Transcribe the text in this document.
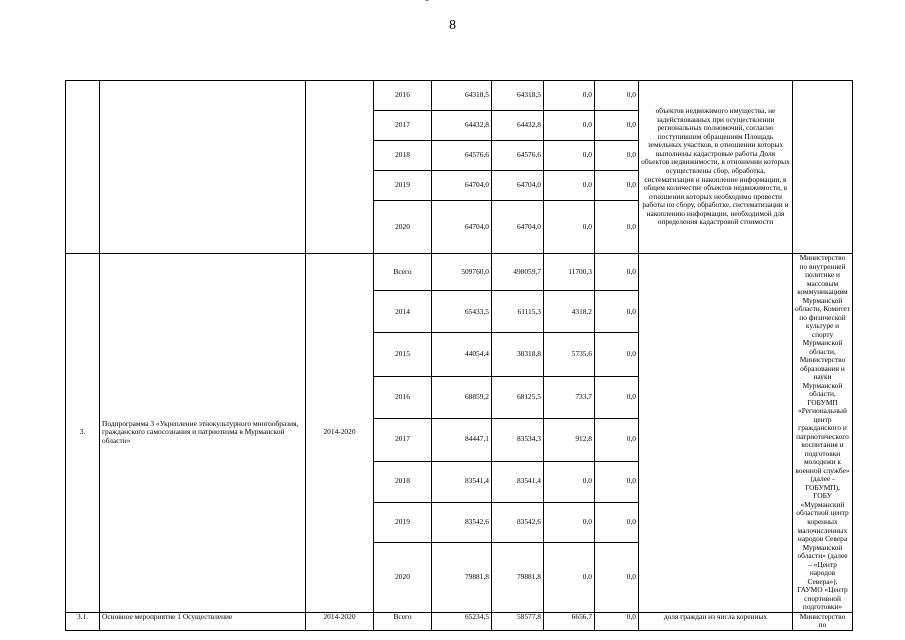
8
			2016	64318,5	64318,5	0,0	0,0	объектов недвижимого имущества, не задействованных при осуществлении региональных полномочий, согласно поступившим обращениям Площадь земельных участков, в отношении которых выполнены кадастровые работы Доля объектов недвижимости, в отношении которых осуществлены сбор, обработка, систематизация и накопление информации, в общем количестве объектов недвижимости, в отношении которых необходимо провести работы по сбору, обработке, систематизации и накоплению информации, необходимой для определения кадастровой стоимости	
			2017	64432,8	64432,8	0,0	0,0		
			2018	64576,6	64576,6	0,0	0,0		
			2019	64704,0	64704,0	0,0	0,0		
			2020	64704,0	64704,0	0,0	0,0		
3.	Подпрограмма 3 «Укрепление этнокультурного многообразия, гражданского самосознания и патриотизма в Мурманской области»	2014-2020	Всего	509760,0	498059,7	11700,3	0,0		Министерство по внутренней политике и массовым коммуникациям Мурманской области, Комитет по физической культуре и спорту Мурманской области, Министерство образования и науки Мурманской области, ГОБУМП «Региональный центр гражданского и патриотического воспитания и подготовки молодежи к военной службе» (далее - ГОБУМП), ГОБУ «Мурманский областной центр коренных малочисленных народов Севера Мурманской области» (далее – «Центр народов Севера»), ГАУМО «Центр спортивной подготовки»
			2014	65433,5	61115,3	4318,2	0,0		
			2015	44054,4	38318,8	5735,6	0,0		
			2016	68859,2	68125,5	733,7	0,0		
			2017	84447,1	83534,3	912,8	0,0		
			2018	83541,4	83541,4	0,0	0,0		
			2019	83542,6	83542,6	0,0	0,0		
			2020	79881,8	79881,8	0,0	0,0		
3.1.	Основное мероприятие 1 Осуществление	2014-2020	Всего	65234,5	58577,8	6656,7	0,0	доля граждан из числа коренных	Министерство по
